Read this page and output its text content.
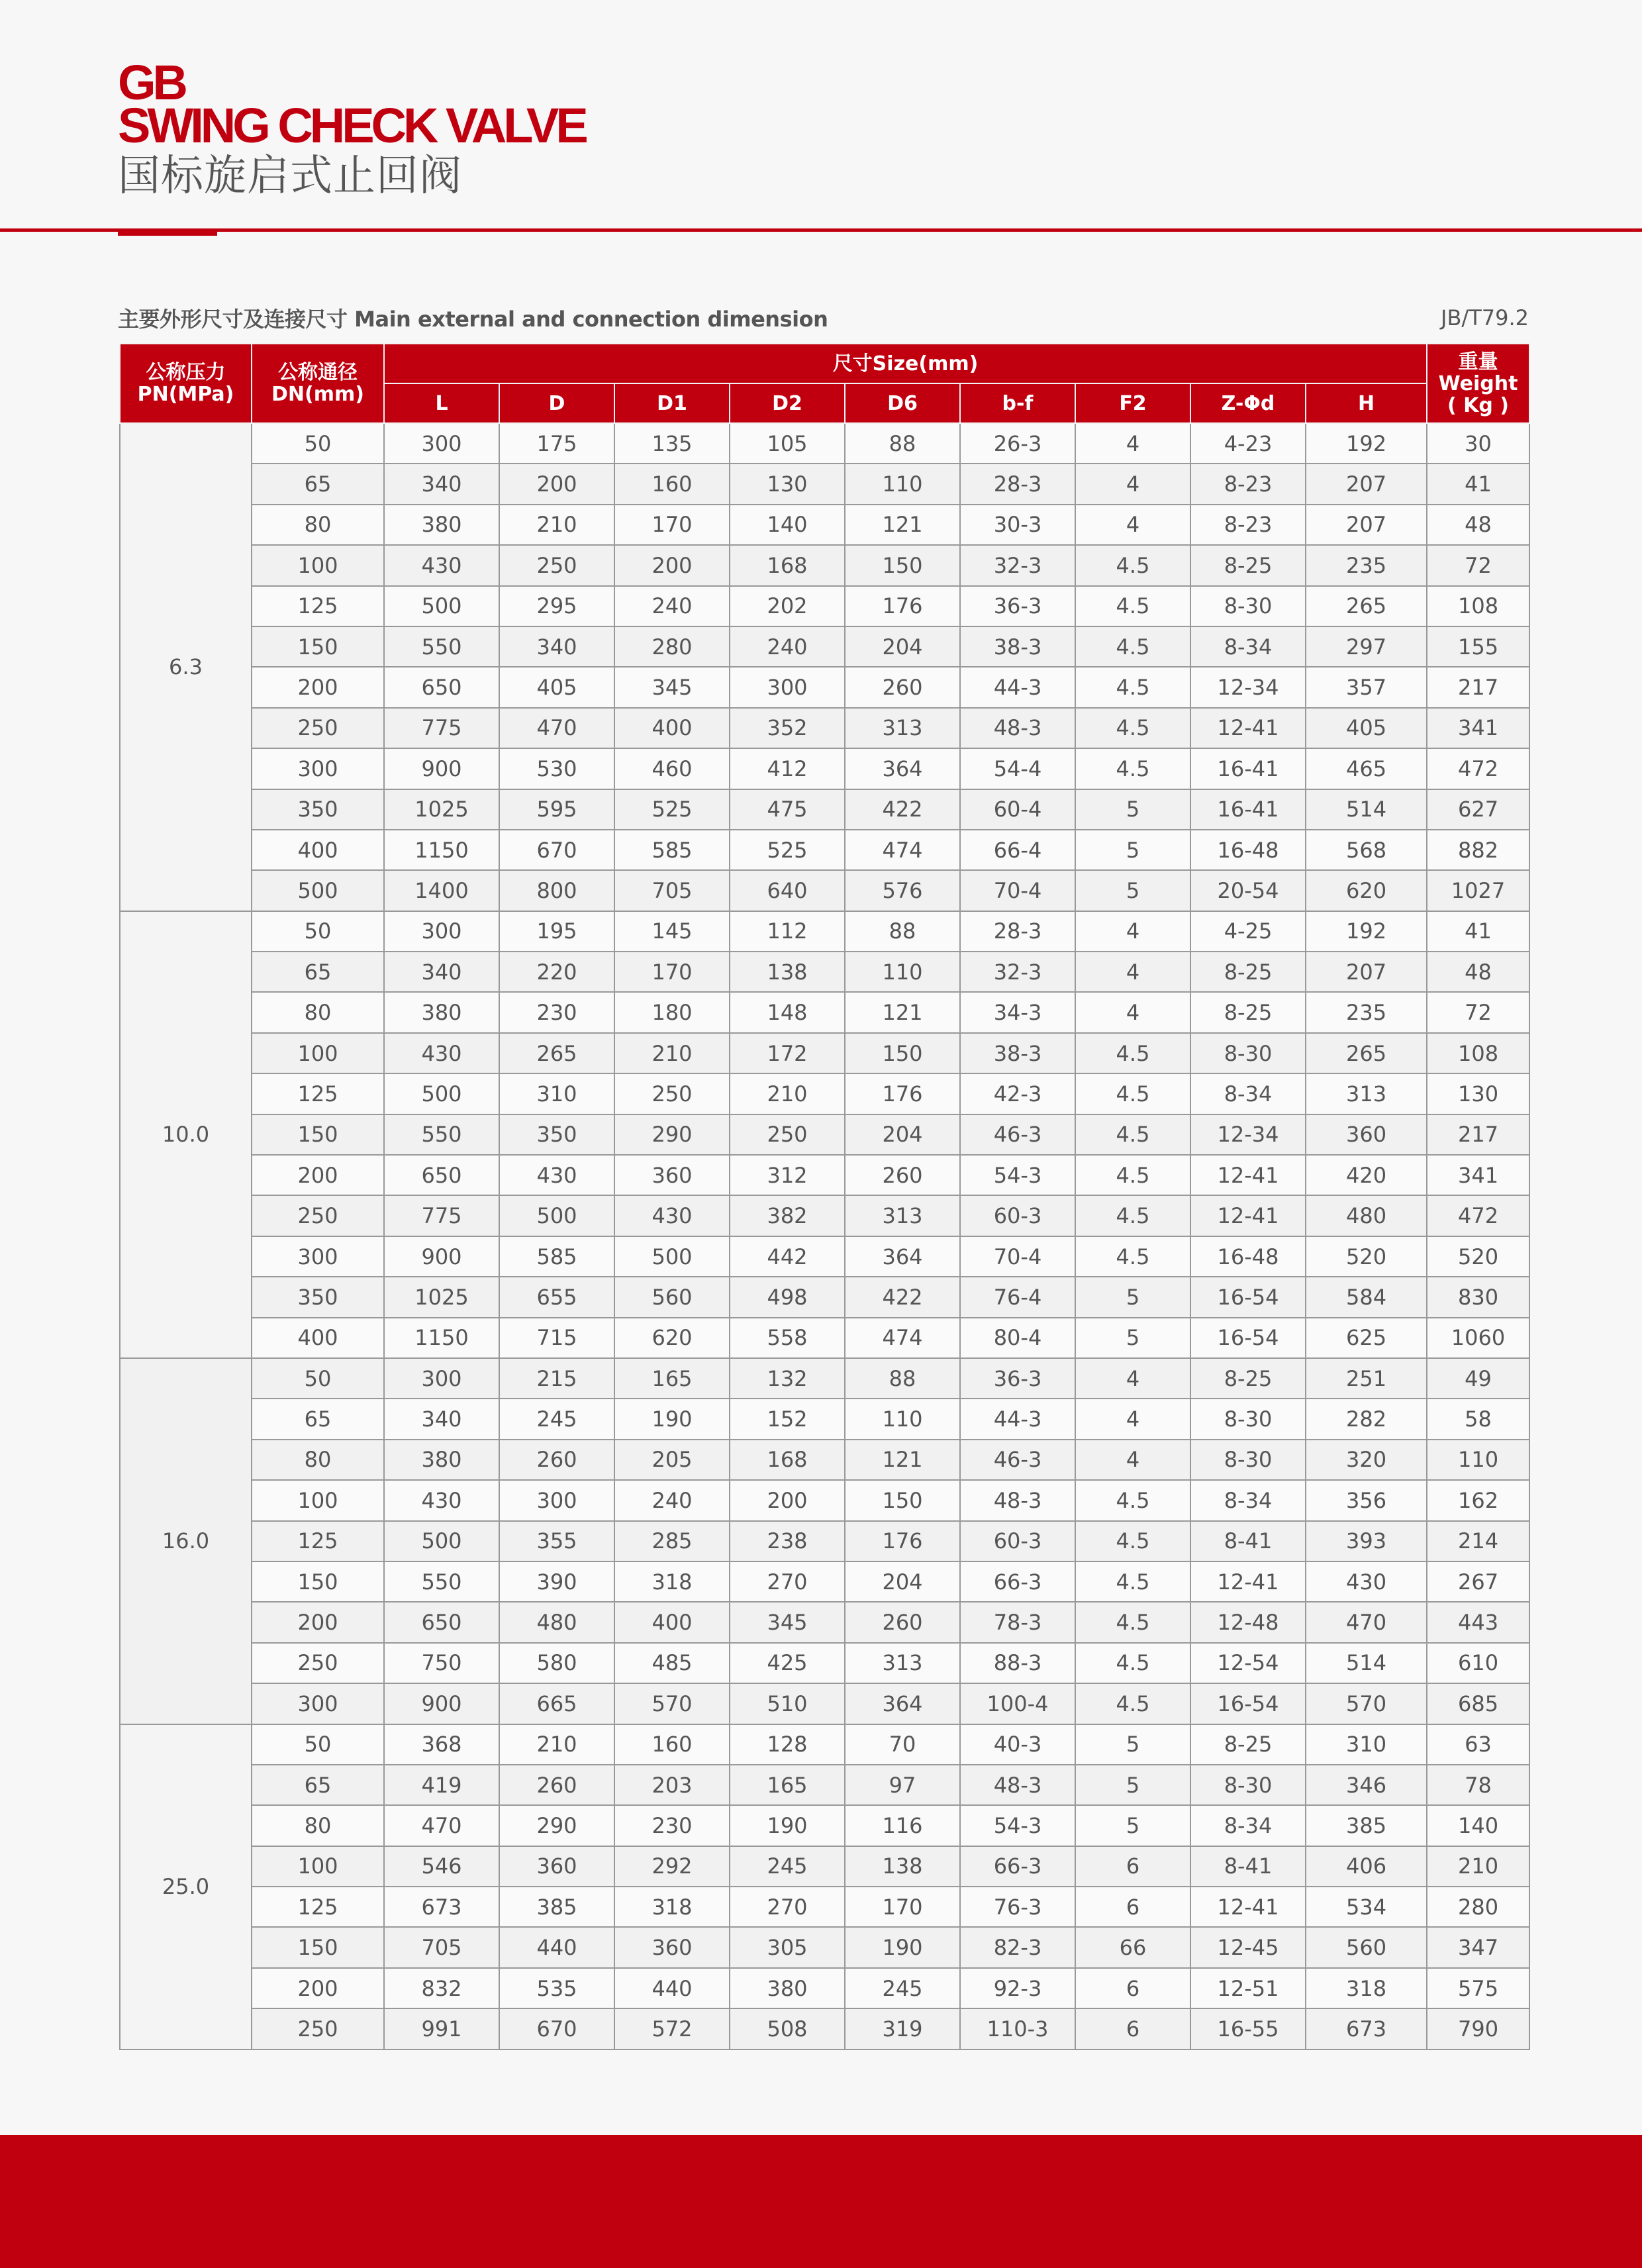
GB
SWING CHECK VALVE
国标旋启式止回阀
主要外形尺寸及连接尺寸 Main external and connection dimension	JB/T79.2
公称压力
PN(MPa)	公称通径
DN(mm)	尺寸Size(mm)									重量
Weight
( Kg )
		L	D	D1	D2	D6	b-f	F2	Z-Φd	H	
6.3	50	300	175	135	105	88	26-3	4	4-23	192	30
	65	340	200	160	130	110	28-3	4	8-23	207	41
	80	380	210	170	140	121	30-3	4	8-23	207	48
	100	430	250	200	168	150	32-3	4.5	8-25	235	72
	125	500	295	240	202	176	36-3	4.5	8-30	265	108
	150	550	340	280	240	204	38-3	4.5	8-34	297	155
	200	650	405	345	300	260	44-3	4.5	12-34	357	217
	250	775	470	400	352	313	48-3	4.5	12-41	405	341
	300	900	530	460	412	364	54-4	4.5	16-41	465	472
	350	1025	595	525	475	422	60-4	5	16-41	514	627
	400	1150	670	585	525	474	66-4	5	16-48	568	882
	500	1400	800	705	640	576	70-4	5	20-54	620	1027
10.0	50	300	195	145	112	88	28-3	4	4-25	192	41
	65	340	220	170	138	110	32-3	4	8-25	207	48
	80	380	230	180	148	121	34-3	4	8-25	235	72
	100	430	265	210	172	150	38-3	4.5	8-30	265	108
	125	500	310	250	210	176	42-3	4.5	8-34	313	130
	150	550	350	290	250	204	46-3	4.5	12-34	360	217
	200	650	430	360	312	260	54-3	4.5	12-41	420	341
	250	775	500	430	382	313	60-3	4.5	12-41	480	472
	300	900	585	500	442	364	70-4	4.5	16-48	520	520
	350	1025	655	560	498	422	76-4	5	16-54	584	830
	400	1150	715	620	558	474	80-4	5	16-54	625	1060
16.0	50	300	215	165	132	88	36-3	4	8-25	251	49
	65	340	245	190	152	110	44-3	4	8-30	282	58
	80	380	260	205	168	121	46-3	4	8-30	320	110
	100	430	300	240	200	150	48-3	4.5	8-34	356	162
	125	500	355	285	238	176	60-3	4.5	8-41	393	214
	150	550	390	318	270	204	66-3	4.5	12-41	430	267
	200	650	480	400	345	260	78-3	4.5	12-48	470	443
	250	750	580	485	425	313	88-3	4.5	12-54	514	610
	300	900	665	570	510	364	100-4	4.5	16-54	570	685
25.0	50	368	210	160	128	70	40-3	5	8-25	310	63
	65	419	260	203	165	97	48-3	5	8-30	346	78
	80	470	290	230	190	116	54-3	5	8-34	385	140
	100	546	360	292	245	138	66-3	6	8-41	406	210
	125	673	385	318	270	170	76-3	6	12-41	534	280
	150	705	440	360	305	190	82-3	66	12-45	560	347
	200	832	535	440	380	245	92-3	6	12-51	318	575
	250	991	670	572	508	319	110-3	6	16-55	673	790
